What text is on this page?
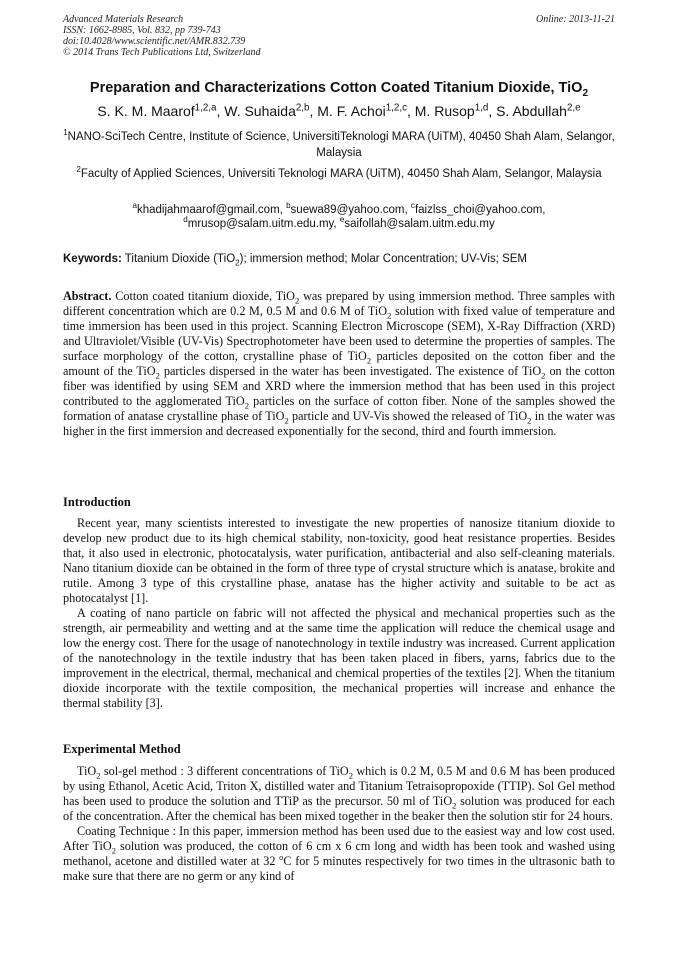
Advanced Materials Research	Online: 2013-11-21
ISSN: 1662-8985, Vol. 832, pp 739-743
doi:10.4028/www.scientific.net/AMR.832.739
© 2014 Trans Tech Publications Ltd, Switzerland
Preparation and Characterizations Cotton Coated Titanium Dioxide, TiO$_2$
S. K. M. Maarof$^{1,2,a}$, W. Suhaida$^{2,b}$, M. F. Achoi$^{1,2,c}$, M. Rusop$^{1,d}$, S. Abdullah$^{2,e}$
$^1$NANO-SciTech Centre, Institute of Science, UniversitiTeknologi MARA (UiTM), 40450 Shah Alam, Selangor, Malaysia
$^2$Faculty of Applied Sciences, Universiti Teknologi MARA (UiTM), 40450 Shah Alam, Selangor, Malaysia
$^a$khadijahmaarof@gmail.com, $^b$suewa89@yahoo.com, $^c$faizlss_choi@yahoo.com,
$^d$mrusop@salam.uitm.edu.my, $^e$saifollah@salam.uitm.edu.my
Keywords: Titanium Dioxide (TiO$_2$); immersion method; Molar Concentration; UV-Vis; SEM

Abstract. Cotton coated titanium dioxide, TiO$_2$ was prepared by using immersion method. Three samples with different concentration which are 0.2 M, 0.5 M and 0.6 M of TiO$_2$ solution with fixed value of temperature and time immersion has been used in this project. Scanning Electron Microscope (SEM), X-Ray Diffraction (XRD) and Ultraviolet/Visible (UV-Vis) Spectrophotometer have been used to determine the properties of samples. The surface morphology of the cotton, crystalline phase of TiO$_2$ particles deposited on the cotton fiber and the amount of the TiO$_2$ particles dispersed in the water has been investigated. The existence of TiO$_2$ on the cotton fiber was identified by using SEM and XRD where the immersion method that has been used in this project contributed to the agglomerated TiO$_2$ particles on the surface of cotton fiber. None of the samples showed the formation of anatase crystalline phase of TiO$_2$ particle and UV-Vis showed the released of TiO$_2$ in the water was higher in the first immersion and decreased exponentially for the second, third and fourth immersion.

Introduction

Recent year, many scientists interested to investigate the new properties of nanosize titanium dioxide to develop new product due to its high chemical stability, non-toxicity, good heat resistance properties. Besides that, it also used in electronic, photocatalysis, water purification, antibacterial and also self-cleaning materials. Nano titanium dioxide can be obtained in the form of three type of crystal structure which is anatase, brokite and rutile. Among 3 type of this crystalline phase, anatase has the higher activity and suitable to be act as photocatalyst [1].

A coating of nano particle on fabric will not affected the physical and mechanical properties such as the strength, air permeability and wetting and at the same time the application will reduce the chemical usage and low the energy cost. There for the usage of nanotechnology in textile industry was increased. Current application of the nanotechnology in the textile industry that has been taken placed in fibers, yarns, fabrics due to the improvement in the electrical, thermal, mechanical and chemical properties of the textiles [2]. When the titanium dioxide incorporate with the textile composition, the mechanical properties will increase and enhance the thermal stability [3].

Experimental Method

TiO$_2$ sol-gel method : 3 different concentrations of TiO$_2$ which is 0.2 M, 0.5 M and 0.6 M has been produced by using Ethanol, Acetic Acid, Triton X, distilled water and Titanium Tetraisopropoxide (TTIP). Sol Gel method has been used to produce the solution and TTiP as the precursor. 50 ml of TiO$_2$ solution was produced for each of the concentration. After the chemical has been mixed together in the beaker then the solution stir for 24 hours.

Coating Technique : In this paper, immersion method has been used due to the easiest way and low cost used. After TiO$_2$ solution was produced, the cotton of 6 cm x 6 cm long and width has been took and washed using methanol, acetone and distilled water at 32 $^o$C for 5 minutes respectively for two times in the ultrasonic bath to make sure that there are no germ or any kind of
